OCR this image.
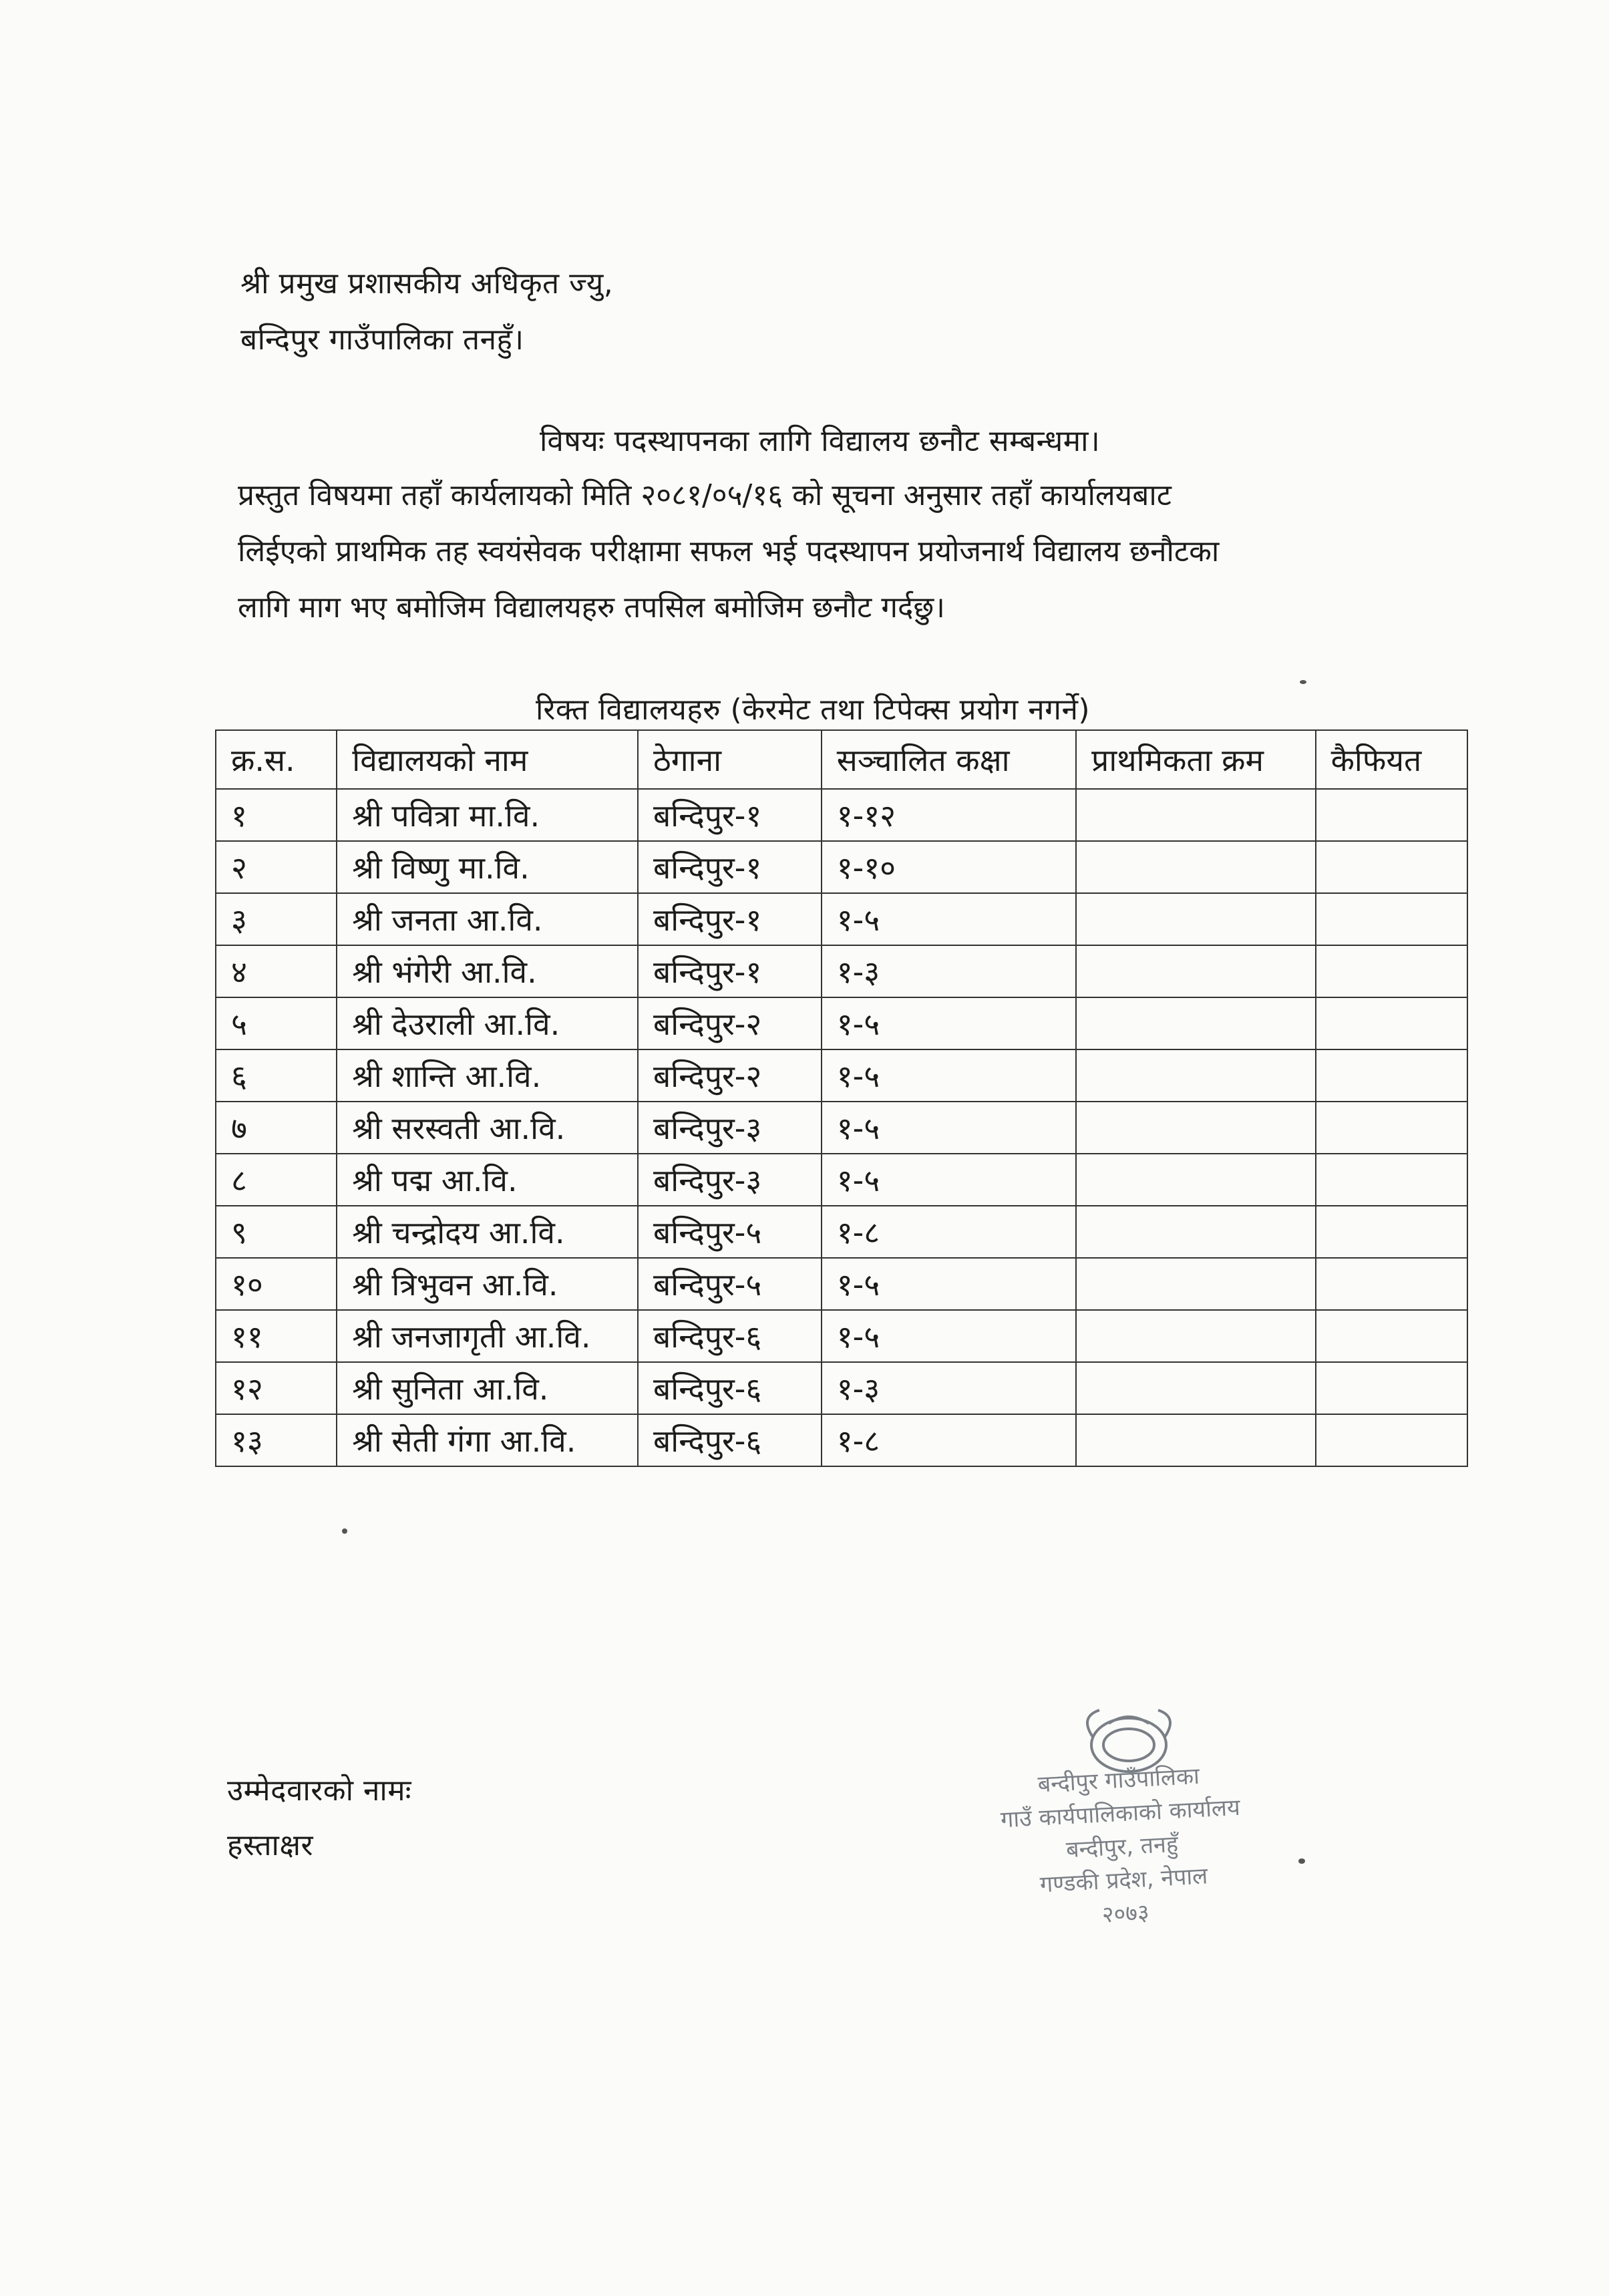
श्री प्रमुख प्रशासकीय अधिकृत ज्यु,
बन्दिपुर गाउँपालिका तनहुँ।
विषयः पदस्थापनका लागि विद्यालय छनौट सम्बन्धमा।
प्रस्तुत विषयमा तहाँ कार्यलायको मिति २०८१/०५/१६ को सूचना अनुसार तहाँ कार्यालयबाट
लिईएको प्राथमिक तह स्वयंसेवक परीक्षामा सफल भई पदस्थापन प्रयोजनार्थ विद्यालय छनौटका
लागि माग भए बमोजिम विद्यालयहरु तपसिल बमोजिम छनौट गर्दछु।
रिक्त विद्यालयहरु (केरमेट तथा टिपेक्स प्रयोग नगर्ने)
क्र.स.	विद्यालयको नाम	ठेगाना	सञ्चालित कक्षा	प्राथमिकता क्रम	कैफियत
१	श्री पवित्रा मा.वि.	बन्दिपुर-१	१-१२		
२	श्री विष्णु मा.वि.	बन्दिपुर-१	१-१०		
३	श्री जनता आ.वि.	बन्दिपुर-१	१-५		
४	श्री भंगेरी आ.वि.	बन्दिपुर-१	१-३		
५	श्री देउराली आ.वि.	बन्दिपुर-२	१-५		
६	श्री शान्ति आ.वि.	बन्दिपुर-२	१-५		
७	श्री सरस्वती आ.वि.	बन्दिपुर-३	१-५		
८	श्री पद्म आ.वि.	बन्दिपुर-३	१-५		
९	श्री चन्द्रोदय आ.वि.	बन्दिपुर-५	१-८		
१०	श्री त्रिभुवन आ.वि.	बन्दिपुर-५	१-५		
११	श्री जनजागृती आ.वि.	बन्दिपुर-६	१-५		
१२	श्री सुनिता आ.वि.	बन्दिपुर-६	१-३		
१३	श्री सेती गंगा आ.वि.	बन्दिपुर-६	१-८		
उम्मेदवारको नामः
हस्ताक्षर
बन्दीपुर गाउँपालिका
गाउँ कार्यपालिकाको कार्यालय
बन्दीपुर, तनहुँ
गण्डकी प्रदेश, नेपाल
२०७३
